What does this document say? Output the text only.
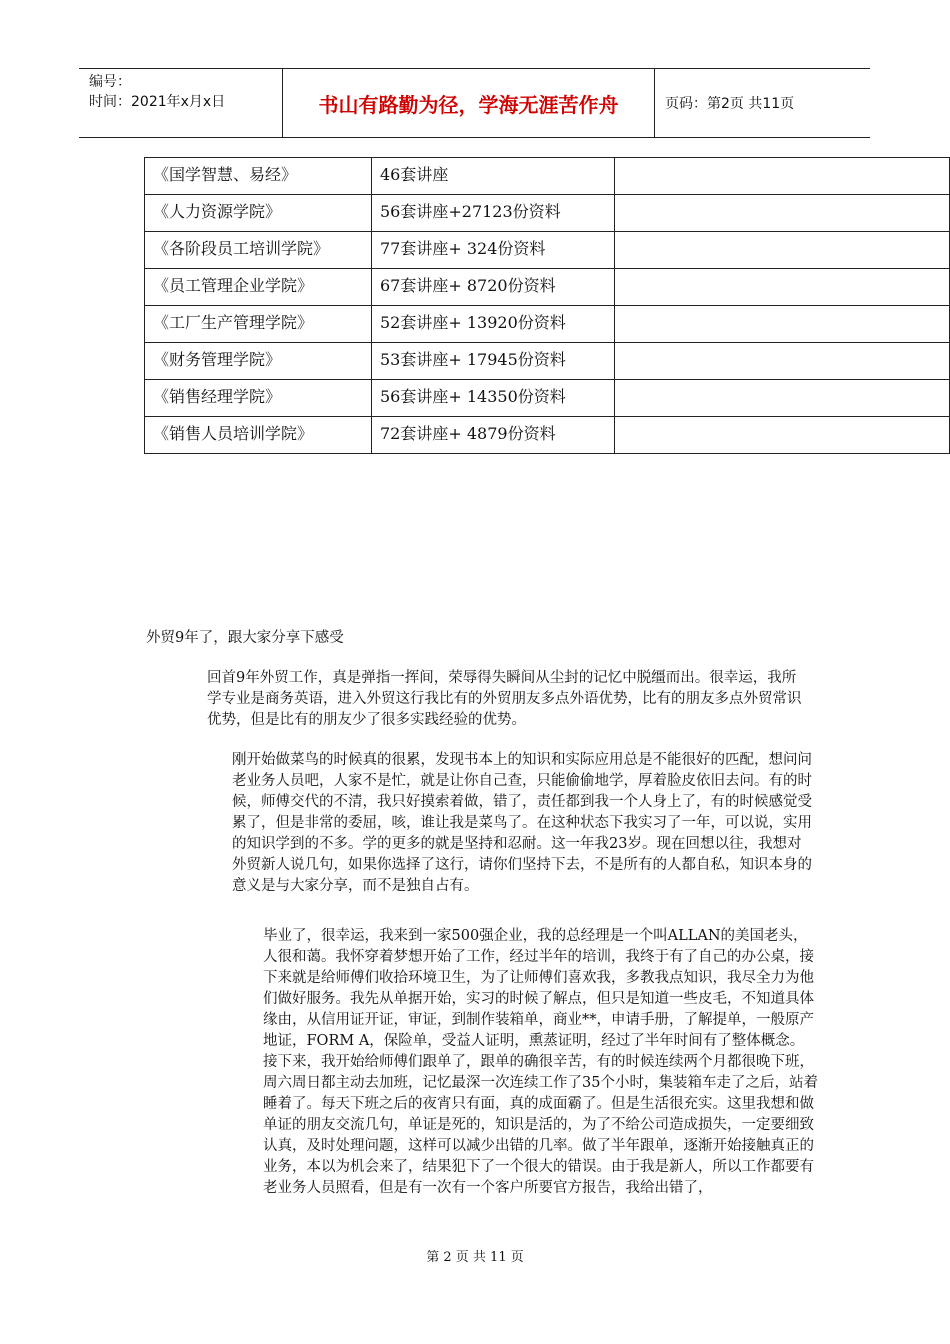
编号：
时间：2021年x月x日	书山有路勤为径，学海无涯苦作舟	页码：第2页 共11页
《国学智慧、易经》	46套讲座	
《人力资源学院》	56套讲座+27123份资料	
《各阶段员工培训学院》	77套讲座+ 324份资料	
《员工管理企业学院》	67套讲座+ 8720份资料	
《工厂生产管理学院》	52套讲座+ 13920份资料	
《财务管理学院》	53套讲座+ 17945份资料	
《销售经理学院》	56套讲座+ 14350份资料	
《销售人员培训学院》	72套讲座+ 4879份资料	

外贸9年了，跟大家分享下感受

回首9年外贸工作，真是弹指一挥间，荣辱得失瞬间从尘封的记忆中脱缰而出。很幸运，我所学专业是商务英语，进入外贸这行我比有的外贸朋友多点外语优势，比有的朋友多点外贸常识优势，但是比有的朋友少了很多实践经验的优势。

刚开始做菜鸟的时候真的很累，发现书本上的知识和实际应用总是不能很好的匹配，想问问老业务人员吧，人家不是忙，就是让你自己查，只能偷偷地学，厚着脸皮依旧去问。有的时候，师傅交代的不清，我只好摸索着做，错了，责任都到我一个人身上了，有的时候感觉受累了，但是非常的委屈，咳，谁让我是菜鸟了。在这种状态下我实习了一年，可以说，实用的知识学到的不多。学的更多的就是坚持和忍耐。这一年我23岁。现在回想以往，我想对外贸新人说几句，如果你选择了这行，请你们坚持下去，不是所有的人都自私，知识本身的意义是与大家分享，而不是独自占有。

毕业了，很幸运，我来到一家500强企业，我的总经理是一个叫ALLAN的美国老头，人很和蔼。我怀穿着梦想开始了工作，经过半年的培训，我终于有了自己的办公桌，接下来就是给师傅们收拾环境卫生，为了让师傅们喜欢我，多教我点知识，我尽全力为他们做好服务。我先从单据开始，实习的时候了解点，但只是知道一些皮毛，不知道具体缘由，从信用证开证，审证，到制作装箱单，商业**，申请手册，了解提单，一般原产地证，FORM A，保险单，受益人证明，熏蒸证明，经过了半年时间有了整体概念。接下来，我开始给师傅们跟单了，跟单的确很辛苦，有的时候连续两个月都很晚下班，周六周日都主动去加班，记忆最深一次连续工作了35个小时，集装箱车走了之后，站着睡着了。每天下班之后的夜宵只有面，真的成面霸了。但是生活很充实。这里我想和做单证的朋友交流几句，单证是死的，知识是活的，为了不给公司造成损失，一定要细致认真，及时处理问题，这样可以减少出错的几率。做了半年跟单，逐渐开始接触真正的业务，本以为机会来了，结果犯下了一个很大的错误。由于我是新人，所以工作都要有老业务人员照看，但是有一次有一个客户所要官方报告，我给出错了，

第 2 页 共 11 页
